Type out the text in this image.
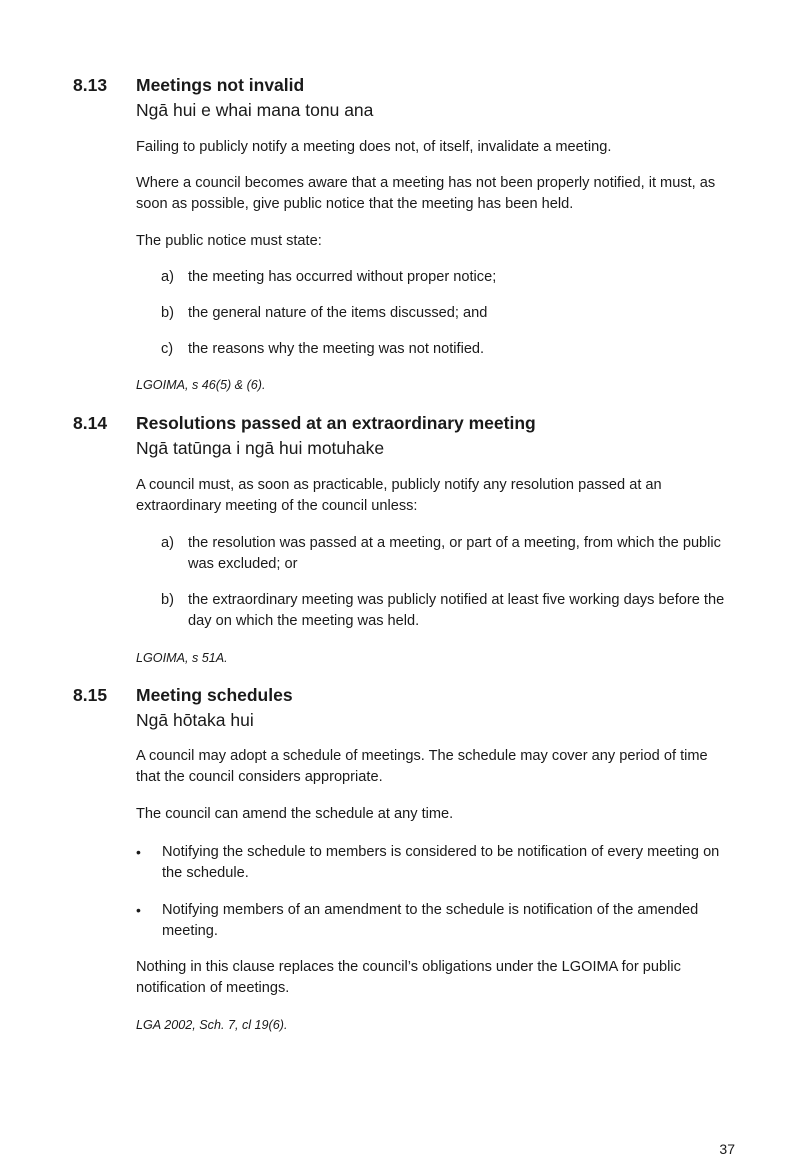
8.13 Meetings not invalid
Ngā hui e whai mana tonu ana

Failing to publicly notify a meeting does not, of itself, invalidate a meeting.

Where a council becomes aware that a meeting has not been properly notified, it must, as soon as possible, give public notice that the meeting has been held.

The public notice must state:

a) the meeting has occurred without proper notice;
b) the general nature of the items discussed; and
c)	the reasons why the meeting was not notified.
LGOIMA, s 46(5) & (6).
8.14 Resolutions passed at an extraordinary meeting
Ngā tatūnga i ngā hui motuhake

A council must, as soon as practicable, publicly notify any resolution passed at an extraordinary meeting of the council unless:

a) the resolution was passed at a meeting, or part of a meeting, from which the public was excluded; or
b) the extraordinary meeting was publicly notified at least five working days before the day on which the meeting was held.
LGOIMA, s 51A.
8.15 Meeting schedules
Ngā hōtaka hui

A council may adopt a schedule of meetings. The schedule may cover any period of time that the council considers appropriate.

The council can amend the schedule at any time.

•	Notifying the schedule to members is considered to be notification of every meeting on the schedule.
•	Notifying members of an amendment to the schedule is notification of the amended meeting.

Nothing in this clause replaces the council’s obligations under the LGOIMA for public notification of meetings.

LGA 2002, Sch. 7, cl 19(6).
37
